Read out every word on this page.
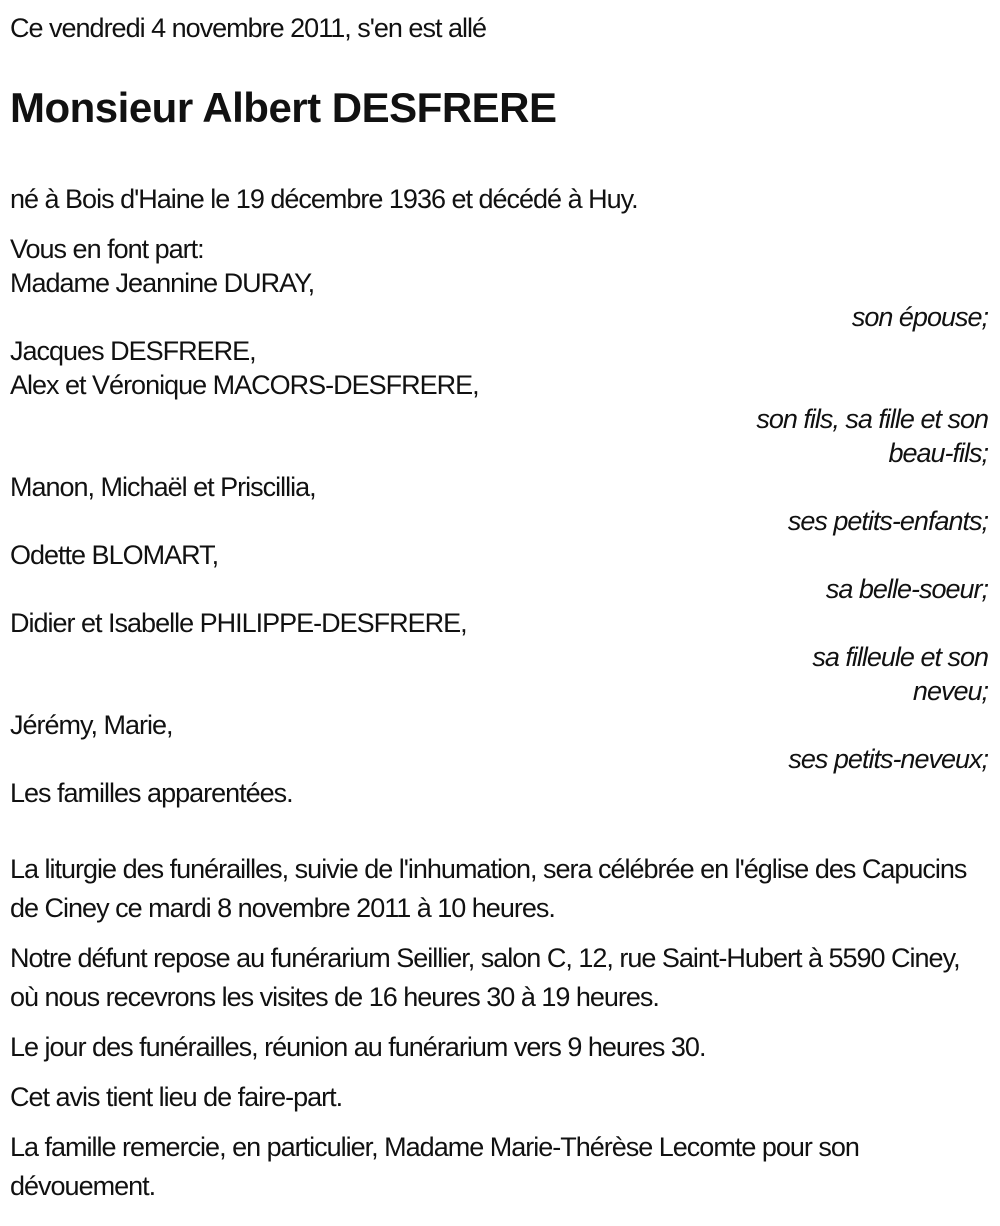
Ce vendredi 4 novembre 2011, s'en est allé

Monsieur Albert DESFRERE

né à Bois d'Haine le 19 décembre 1936 et décédé à Huy.

Vous en font part:

Madame Jeannine DURAY,

son épouse;

Jacques DESFRERE,

Alex et Véronique MACORS-DESFRERE,

son fils, sa fille et son beau-fils;

Manon, Michaël et Priscillia,

ses petits-enfants;

Odette BLOMART,

sa belle-soeur;

Didier et Isabelle PHILIPPE-DESFRERE,

sa filleule et son neveu;

Jérémy, Marie,

ses petits-neveux;

Les familles apparentées.

La liturgie des funérailles, suivie de l'inhumation, sera célébrée en l'église des Capucins de Ciney ce mardi 8 novembre 2011 à 10 heures.

Notre défunt repose au funérarium Seillier, salon C, 12, rue Saint-Hubert à 5590 Ciney, où nous recevrons les visites de 16 heures 30 à 19 heures.

Le jour des funérailles, réunion au funérarium vers 9 heures 30.

Cet avis tient lieu de faire-part.

La famille remercie, en particulier, Madame Marie-Thérèse Lecomte pour son dévouement.
